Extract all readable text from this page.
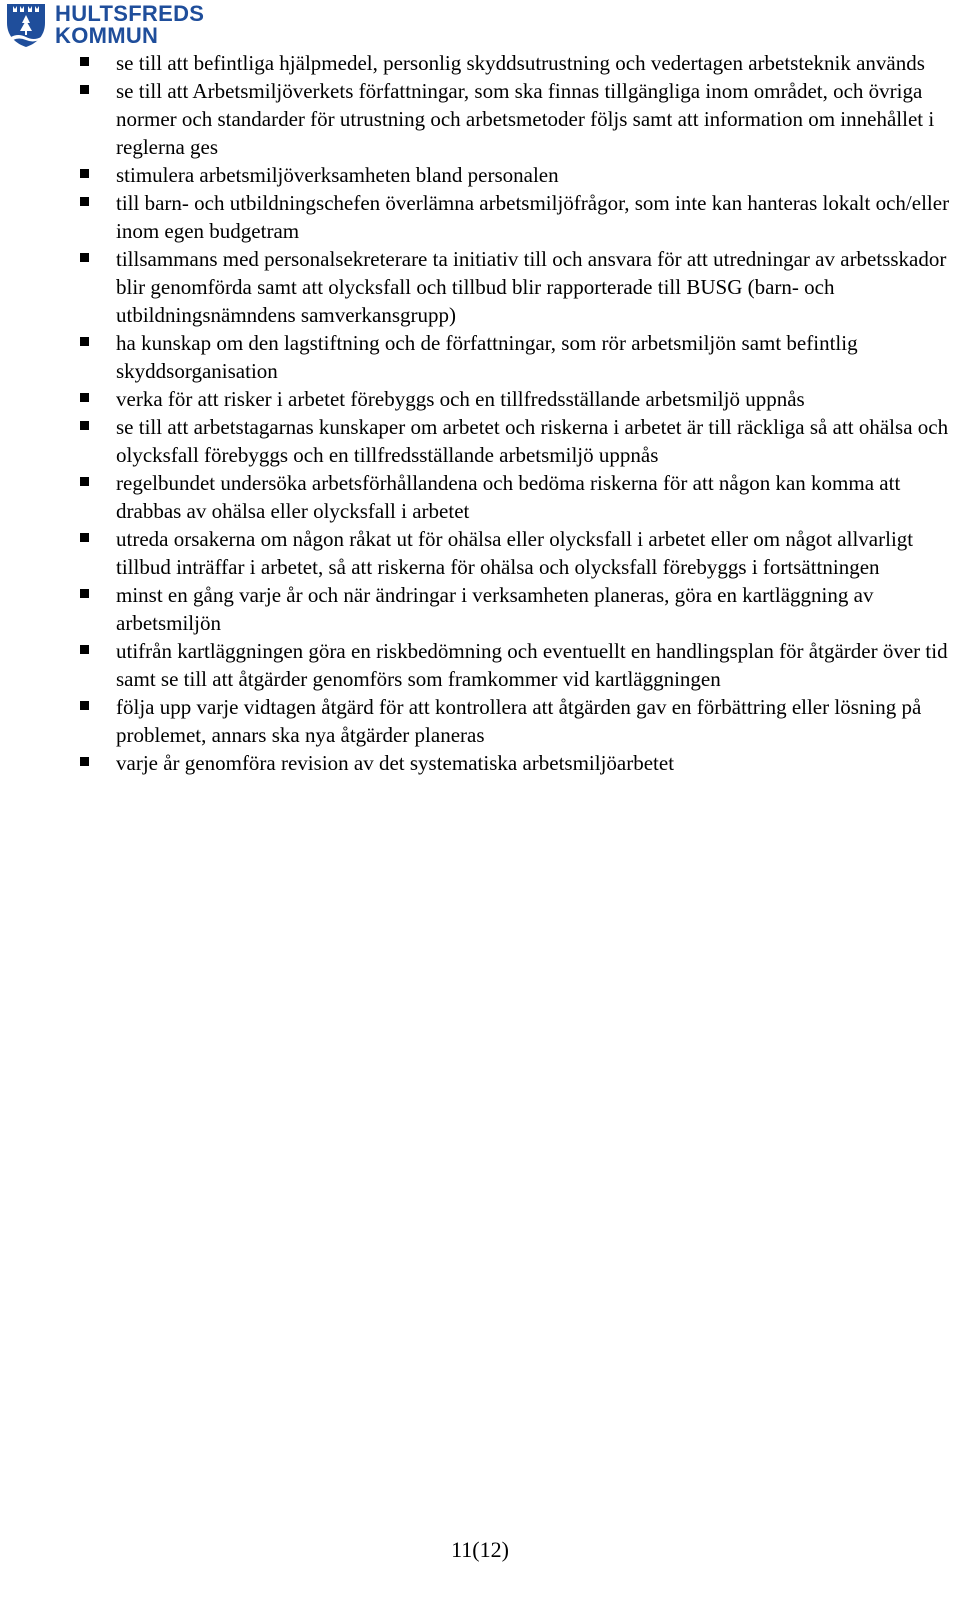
HULTSFREDS
KOMMUN
se till att befintliga hjälpmedel, personlig skyddsutrustning och vedertagen arbetsteknik används
se till att Arbetsmiljöverkets författningar, som ska finnas tillgängliga inom området, och övriga normer och standarder för utrustning och arbetsmetoder följs samt att information om innehållet i reglerna ges
stimulera arbetsmiljöverksamheten bland personalen
till barn- och utbildningschefen överlämna arbetsmiljöfrågor, som inte kan hanteras lokalt och/eller inom egen budgetram
tillsammans med personalsekreterare ta initiativ till och ansvara för att utredningar av arbetsskador blir genomförda samt att olycksfall och tillbud blir rapporterade till BUSG (barn- och utbildningsnämndens samverkansgrupp)
ha kunskap om den lagstiftning och de författningar, som rör arbetsmiljön samt befintlig skyddsorganisation
verka för att risker i arbetet förebyggs och en tillfredsställande arbetsmiljö uppnås
se till att arbetstagarnas kunskaper om arbetet och riskerna i arbetet är till räckliga så att ohälsa och olycksfall förebyggs och en tillfredsställande arbetsmiljö uppnås
regelbundet undersöka arbetsförhållandena och bedöma riskerna för att någon kan komma att drabbas av ohälsa eller olycksfall i arbetet
utreda orsakerna om någon råkat ut för ohälsa eller olycksfall i arbetet eller om något allvarligt tillbud inträffar i arbetet, så att riskerna för ohälsa och olycksfall förebyggs i fortsättningen
minst en gång varje år och när ändringar i verksamheten planeras, göra en kartläggning av arbetsmiljön
utifrån kartläggningen göra en riskbedömning och eventuellt en handlingsplan för åtgärder över tid samt se till att åtgärder genomförs som framkommer vid kartläggningen
följa upp varje vidtagen åtgärd för att kontrollera att åtgärden gav en förbättring eller lösning på problemet, annars ska nya åtgärder planeras
varje år genomföra revision av det systematiska arbetsmiljöarbetet
11(12)
